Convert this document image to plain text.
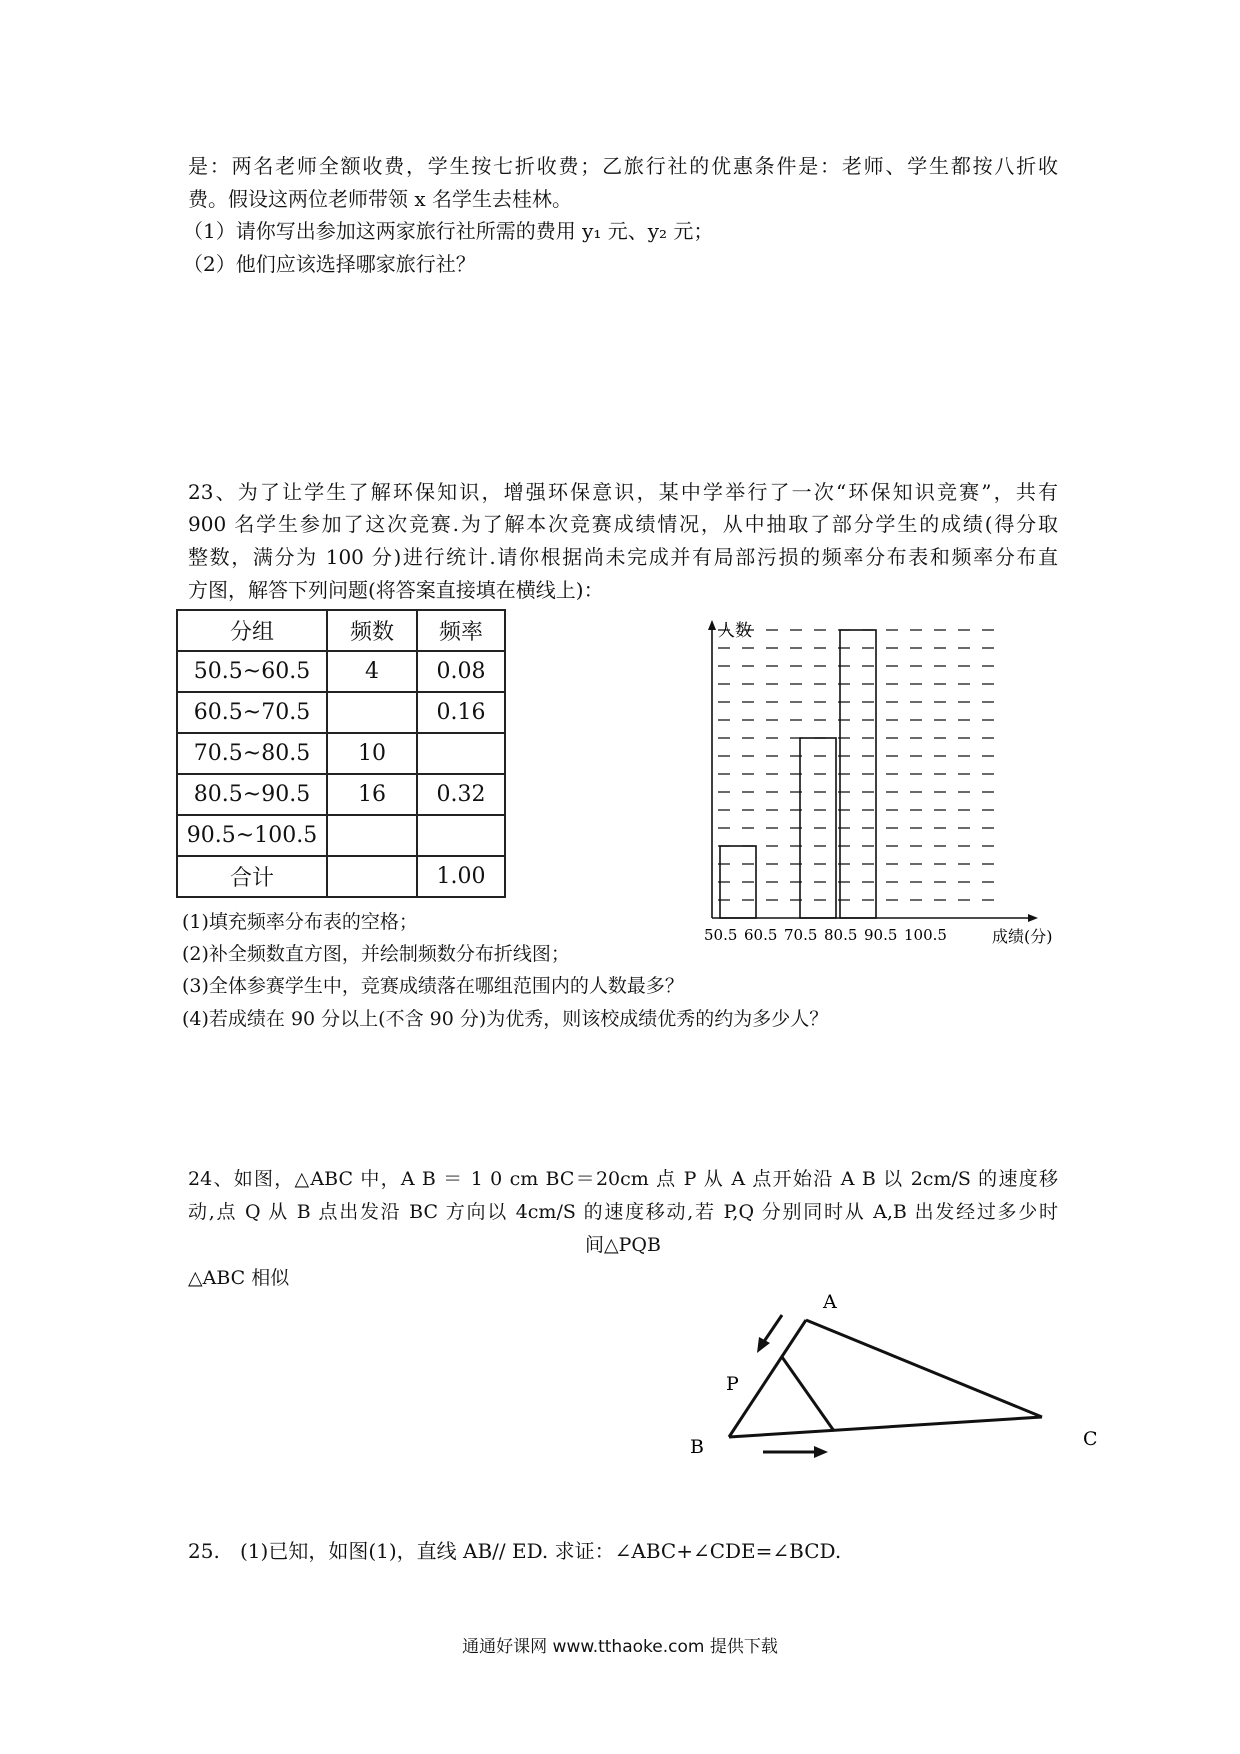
是：两名老师全额收费，学生按七折收费；乙旅行社的优惠条件是：老师、学生都按八折收
费。假设这两位老师带领 x 名学生去桂林。
（1）请你写出参加这两家旅行社所需的费用 y₁ 元、y₂ 元；
（2）他们应该选择哪家旅行社？
23、为了让学生了解环保知识，增强环保意识，某中学举行了一次“环保知识竞赛”，共有
900 名学生参加了这次竞赛.为了解本次竞赛成绩情况，从中抽取了部分学生的成绩(得分取
整数，满分为 100 分)进行统计.请你根据尚未完成并有局部污损的频率分布表和频率分布直
方图，解答下列问题(将答案直接填在横线上)：
分组	频数	频率
50.5~60.5	4	0.08
60.5~70.5		0.16
70.5~80.5	10	
80.5~90.5	16	0.32
90.5~100.5		
合计		1.00
人数
成绩(分)
50.5 60.5 70.5 80.5 90.5 100.5
(1)填充频率分布表的空格；
(2)补全频数直方图，并绘制频数分布折线图；
(3)全体参赛学生中，竞赛成绩落在哪组范围内的人数最多？
(4)若成绩在 90 分以上(不含 90 分)为优秀，则该校成绩优秀的约为多少人？
24、如图，△ABC 中，A B ＝ 1 0 cm BC＝20cm 点 P 从 A 点开始沿 A B 以 2cm/S 的速度移
动,点 Q 从 B 点出发沿 BC 方向以 4cm/S 的速度移动,若 P,Q 分别同时从 A,B 出发经过多少时
间△PQB
△ABC 相似
A
P
B	C
25. (1)已知，如图(1)，直线 AB// ED. 求证：∠ABC+∠CDE=∠BCD.
通通好课网 www.tthaoke.com 提供下载
